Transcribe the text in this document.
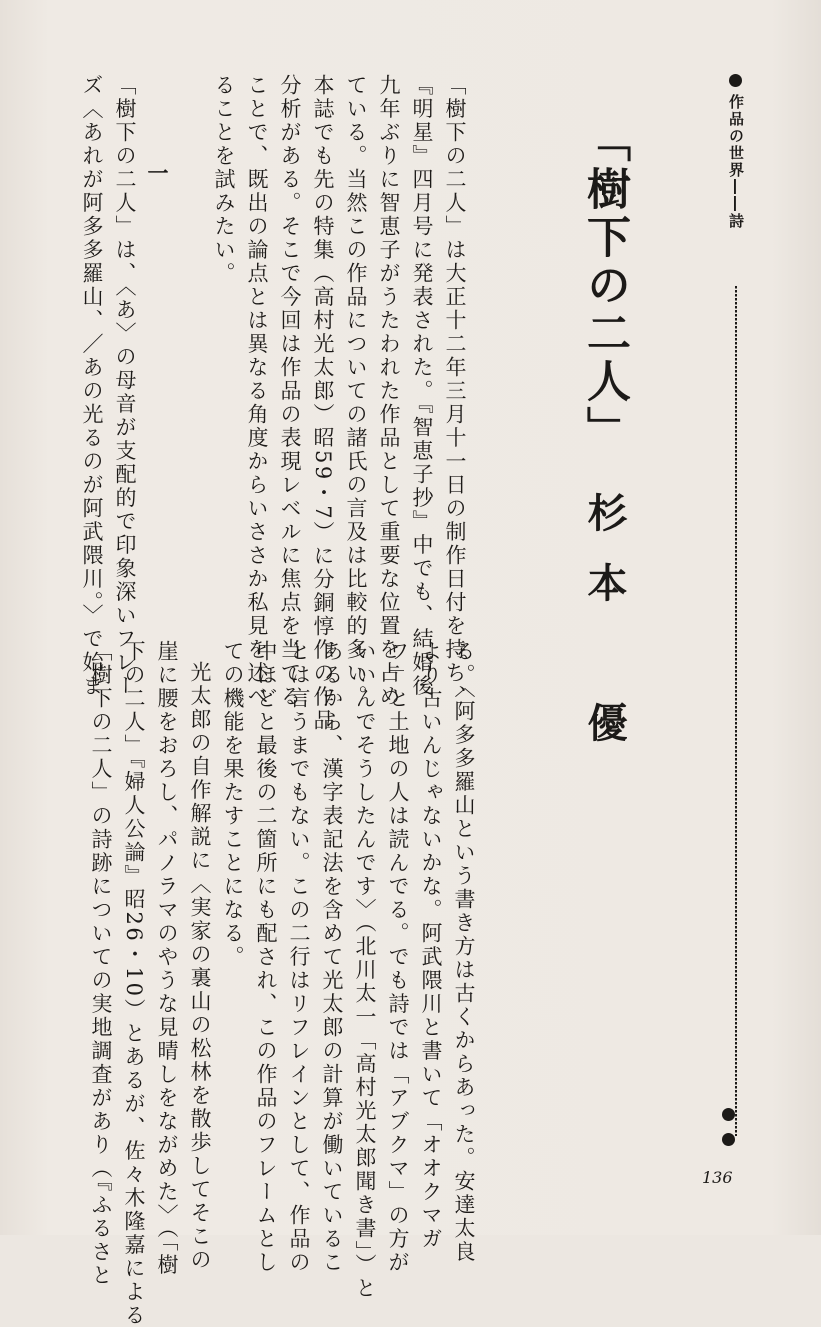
作品の世界――詩
「樹下の二人」
杉本　優
「樹下の二人」は大正十二年三月十一日の制作日付を持ち、
『明星』四月号に発表された。『智恵子抄』中でも、結婚後
九年ぶりに智恵子がうたわれた作品として重要な位置を占め
ている。当然この作品についての諸氏の言及は比較的多い。
本誌でも先の特集（高村光太郎）昭59・7）に分銅惇作の作品
分析がある。そこで今回は作品の表現レベルに焦点を当てる
ことで、既出の論点とは異なる角度からいささか私見を述べ
ることを試みたい。

一
「樹下の二人」は、〈あ〉の母音が支配的で印象深いフレー
ズ〈あれが阿多多羅山、／あの光るのが阿武隈川。〉で始ま
る。〈阿多多羅山という書き方は古くからあった。安達太良
より古いんじゃないかな。阿武隈川と書いて「オオクマガ
ワ」と土地の人は読んでる。でも詩では「アブクマ」の方が
いいんでそうしたんです〉（北川太一「高村光太郎聞き書」）と
あるから、漢字表記法を含めて光太郎の計算が働いているこ
とは言うまでもない。この二行はリフレインとして、作品の
中ほどと最後の二箇所にも配され、この作品のフレームとし
ての機能を果たすことになる。
光太郎の自作解説に〈実家の裏山の松林を散歩してそこの
崖に腰をおろし、パノラマのやうな見晴しをながめた〉（「樹
下の二人」『婦人公論』昭26・10）とあるが、佐々木隆嘉による
「樹下の二人」の詩跡についての実地調査があり（『ふるさと	136
